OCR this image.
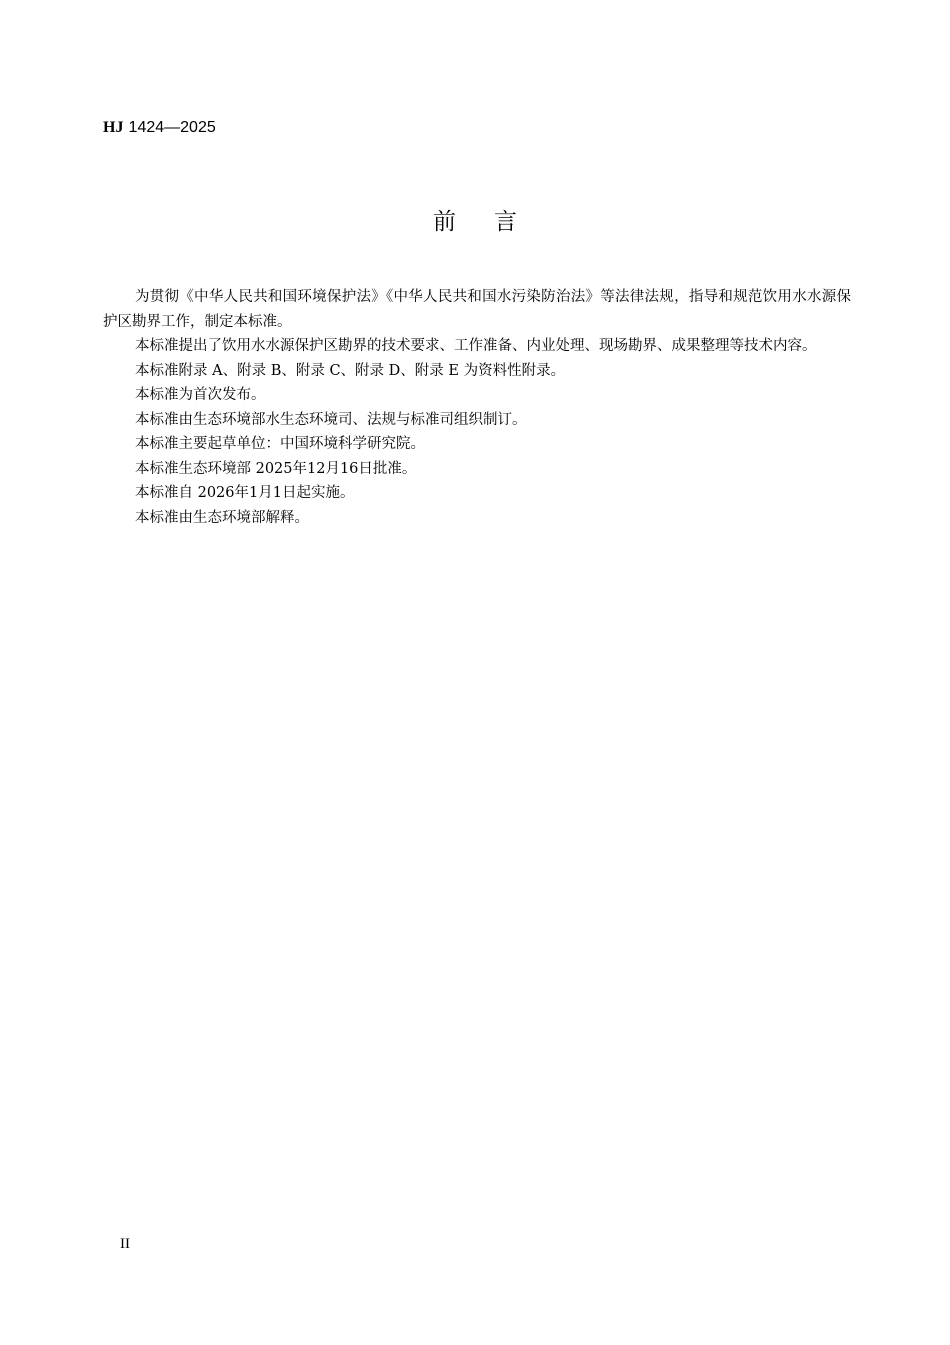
HJ 1424—2025
前言

为贯彻《中华人民共和国环境保护法》《中华人民共和国水污染防治法》等法律法规，指导和规范饮用水水源保护区勘界工作，制定本标准。

本标准提出了饮用水水源保护区勘界的技术要求、工作准备、内业处理、现场勘界、成果整理等技术内容。

本标准附录 A、附录 B、附录 C、附录 D、附录 E 为资料性附录。

本标准为首次发布。

本标准由生态环境部水生态环境司、法规与标准司组织制订。

本标准主要起草单位：中国环境科学研究院。

本标准生态环境部 2025年12月16日批准。

本标准自 2026年1月1日起实施。

本标准由生态环境部解释。

II
